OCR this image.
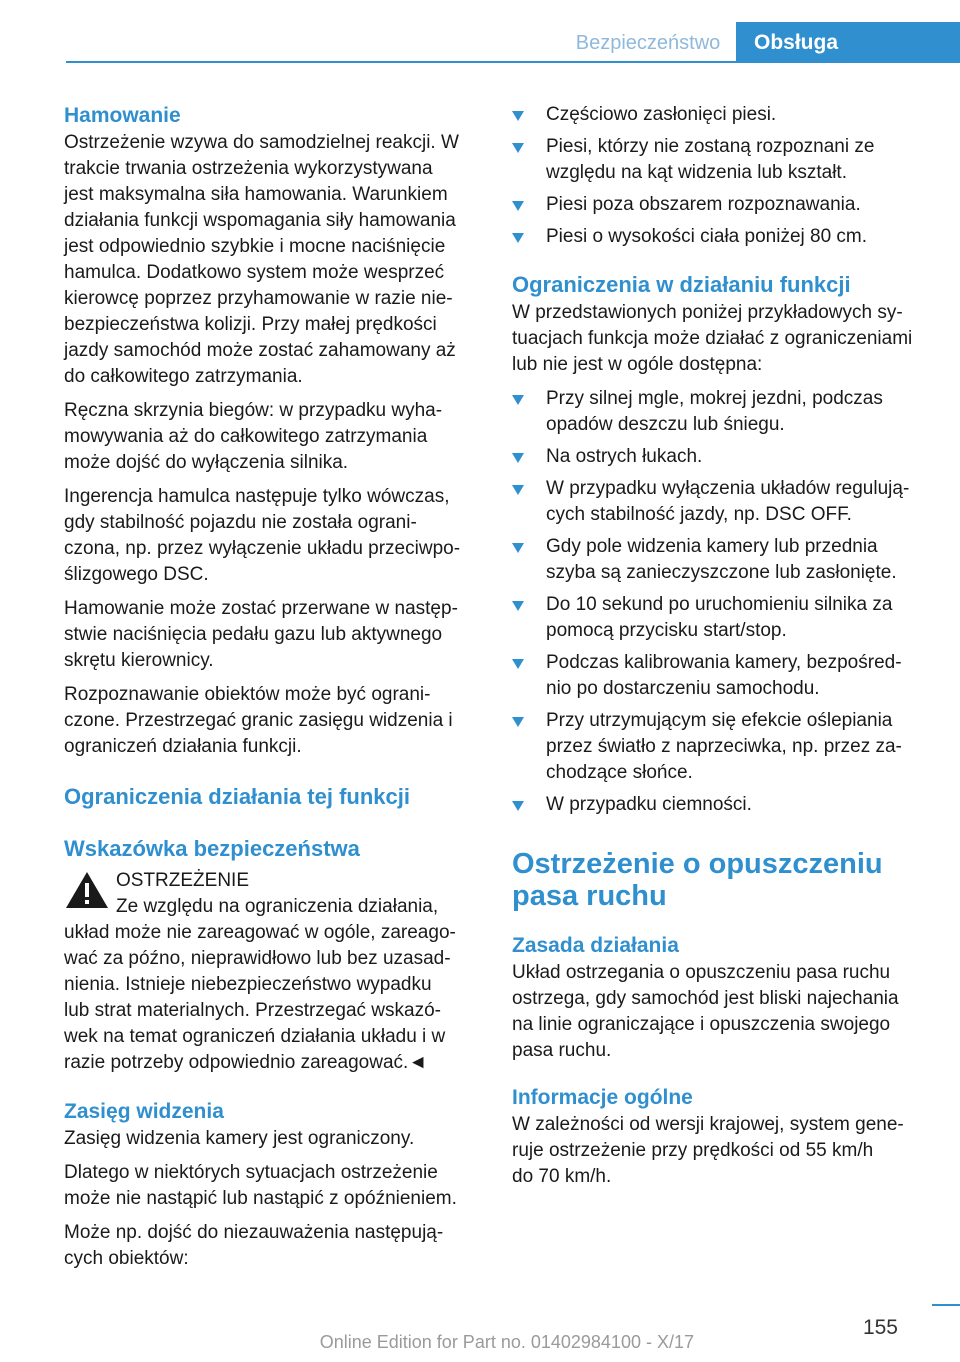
Bezpieczeństwo	Obsługa
Hamowanie

Ostrzeżenie wzywa do samodzielnej reakcji. W

trakcie trwania ostrzeżenia wykorzystywana

jest maksymalna siła hamowania. Warunkiem

działania funkcji wspomagania siły hamowania

jest odpowiednio szybkie i mocne naciśnięcie

hamulca. Dodatkowo system może wesprzeć

kierowcę poprzez przyhamowanie w razie nie-

bezpieczeństwa kolizji. Przy małej prędkości

jazdy samochód może zostać zahamowany aż

do całkowitego zatrzymania.

Ręczna skrzynia biegów: w przypadku wyha-

mowywania aż do całkowitego zatrzymania

może dojść do wyłączenia silnika.

Ingerencja hamulca następuje tylko wówczas,

gdy stabilność pojazdu nie została ograni-

czona, np. przez wyłączenie układu przeciwpo-

ślizgowego DSC.

Hamowanie może zostać przerwane w następ-

stwie naciśnięcia pedału gazu lub aktywnego

skrętu kierownicy.

Rozpoznawanie obiektów może być ograni-

czone. Przestrzegać granic zasięgu widzenia i

ograniczeń działania funkcji.

Ograniczenia działania tej funkcji
Wskazówka bezpieczeństwa

OSTRZEŻENIE

Ze względu na ograniczenia działania,

układ może nie zareagować w ogóle, zareago-

wać za późno, nieprawidłowo lub bez uzasad-

nienia. Istnieje niebezpieczeństwo wypadku

lub strat materialnych. Przestrzegać wskazó-

wek na temat ograniczeń działania układu i w

razie potrzeby odpowiednio zareagować.◄

Zasięg widzenia

Zasięg widzenia kamery jest ograniczony.

Dlatego w niektórych sytuacjach ostrzeżenie

może nie nastąpić lub nastąpić z opóźnieniem.

Może np. dojść do niezauważenia następują-

cych obiektów:

Częściowo zasłonięci piesi.
Piesi, którzy nie zostaną rozpoznani ze
względu na kąt widzenia lub kształt.
Piesi poza obszarem rozpoznawania.
Piesi o wysokości ciała poniżej 80 cm.
Ograniczenia w działaniu funkcji

W przedstawionych poniżej przykładowych sy-

tuacjach funkcja może działać z ograniczeniami

lub nie jest w ogóle dostępna:

Przy silnej mgle, mokrej jezdni, podczas
opadów deszczu lub śniegu.
Na ostrych łukach.
W przypadku wyłączenia układów regulują-
cych stabilność jazdy, np. DSC OFF.
Gdy pole widzenia kamery lub przednia
szyba są zanieczyszczone lub zasłonięte.
Do 10 sekund po uruchomieniu silnika za
pomocą przycisku start/stop.
Podczas kalibrowania kamery, bezpośred-
nio po dostarczeniu samochodu.
Przy utrzymującym się efekcie oślepiania
przez światło z naprzeciwka, np. przez za-
chodzące słońce.
W przypadku ciemności.
Ostrzeżenie o opuszczeniu
pasa ruchu
Zasada działania

Układ ostrzegania o opuszczeniu pasa ruchu

ostrzega, gdy samochód jest bliski najechania

na linie ograniczające i opuszczenia swojego

pasa ruchu.

Informacje ogólne

W zależności od wersji krajowej, system gene-

ruje ostrzeżenie przy prędkości od 55 km/h

do 70 km/h.

155
Online Edition for Part no. 01402984100 - X/17
